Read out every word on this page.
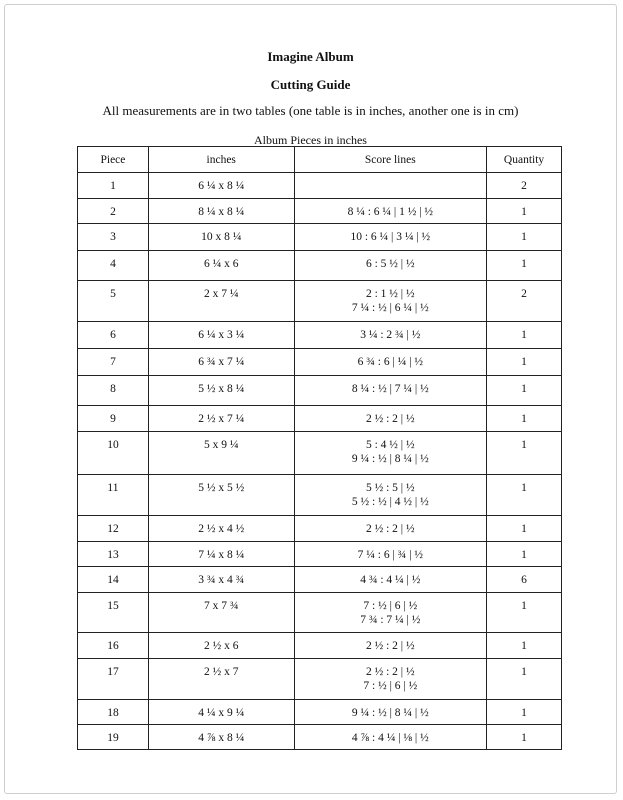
Imagine Album
Cutting Guide
All measurements are in two tables (one table is in inches, another one is in cm)
Album Pieces in inches
Piece	inches	Score lines	Quantity
1	6 ¼ x 8 ¼		2
2	8 ¼ x 8 ¼	8 ¼ : 6 ¼ | 1 ½ | ½	1
3	10 x 8 ¼	10 : 6 ¼ | 3 ¼ | ½	1
4	6 ¼ x 6	6 : 5 ½ | ½	1
5	2 x 7 ¼	2 : 1 ½ | ½
7 ¼ : ½ | 6 ¼ | ½	2
6	6 ¼ x 3 ¼	3 ¼ : 2 ¾ | ½	1
7	6 ¾ x 7 ¼	6 ¾ : 6 | ¼ | ½	1
8	5 ½ x 8 ¼	8 ¼ : ½ | 7 ¼ | ½	1
9	2 ½ x 7 ¼	2 ½ : 2 | ½	1
10	5 x 9 ¼	5 : 4 ½ | ½
9 ¼ : ½ | 8 ¼ | ½	1
11	5 ½ x 5 ½	5 ½ : 5 | ½
5 ½ : ½ | 4 ½ | ½	1
12	2 ½ x 4 ½	2 ½ : 2 | ½	1
13	7 ¼ x 8 ¼	7 ¼ : 6 | ¾ | ½	1
14	3 ¾ x 4 ¾	4 ¾ : 4 ¼ | ½	6
15	7 x 7 ¾	7 : ½ | 6 | ½
7 ¾ : 7 ¼ | ½	1
16	2 ½ x 6	2 ½ : 2 | ½	1
17	2 ½ x 7	2 ½ : 2 | ½
7 : ½ | 6 | ½	1
18	4 ¼ x 9 ¼	9 ¼ : ½ | 8 ¼ | ½	1
19	4 ⅞ x 8 ¼	4 ⅞ : 4 ¼ | ⅛ | ½	1
